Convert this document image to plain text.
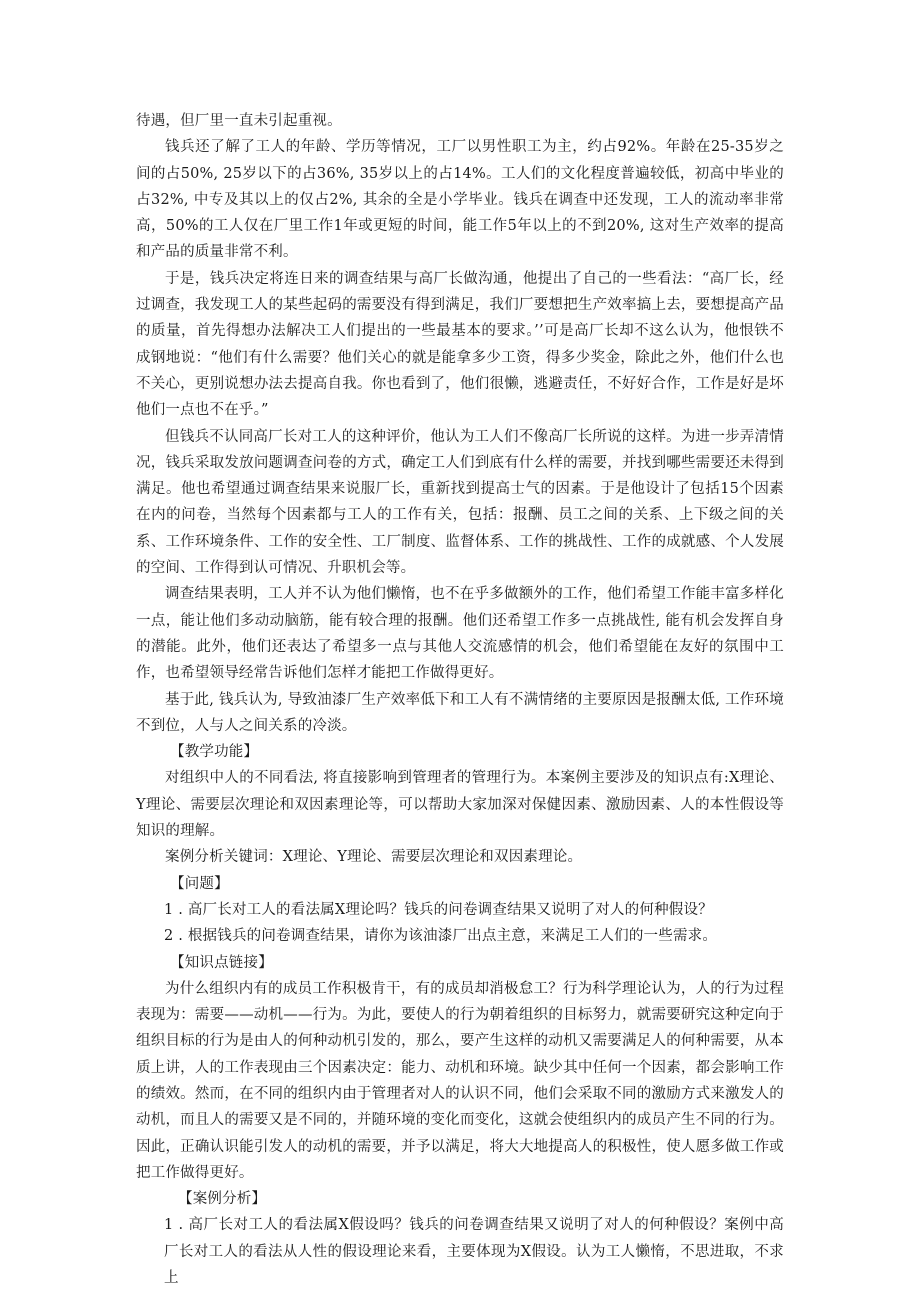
待遇，但厂里一直未引起重视。

钱兵还了解了工人的年龄、学历等情况，工厂以男性职工为主，约占92%。年龄在25-35岁之间的占50%, 25岁以下的占36%, 35岁以上的占14%。工人们的文化程度普遍较低，初高中毕业的占32%, 中专及其以上的仅占2%, 其余的全是小学毕业。钱兵在调查中还发现，工人的流动率非常高，50%的工人仅在厂里工作1年或更短的时间，能工作5年以上的不到20%, 这对生产效率的提高和产品的质量非常不利。

于是，钱兵决定将连日来的调查结果与高厂长做沟通，他提出了自己的一些看法：“高厂长，经过调查，我发现工人的某些起码的需要没有得到满足，我们厂要想把生产效率搞上去，要想提高产品的质量，首先得想办法解决工人们提出的一些最基本的要求。’’可是高厂长却不这么认为，他恨铁不成钢地说：“他们有什么需要？他们关心的就是能拿多少工资，得多少奖金，除此之外，他们什么也不关心，更别说想办法去提高自我。你也看到了，他们很懒，逃避责任，不好好合作，工作是好是坏他们一点也不在乎。”

但钱兵不认同高厂长对工人的这种评价，他认为工人们不像高厂长所说的这样。为进一步弄清情况，钱兵采取发放问题调查问卷的方式，确定工人们到底有什么样的需要，并找到哪些需要还未得到满足。他也希望通过调查结果来说服厂长，重新找到提高士气的因素。于是他设计了包括15个因素在内的问卷，当然每个因素都与工人的工作有关，包括：报酬、员工之间的关系、上下级之间的关系、工作环境条件、工作的安全性、工厂制度、监督体系、工作的挑战性、工作的成就感、个人发展的空间、工作得到认可情况、升职机会等。

调查结果表明，工人并不认为他们懒惰，也不在乎多做额外的工作，他们希望工作能丰富多样化一点，能让他们多动动脑筋，能有较合理的报酬。他们还希望工作多一点挑战性, 能有机会发挥自身的潜能。此外，他们还表达了希望多一点与其他人交流感情的机会，他们希望能在友好的氛围中工作，也希望领导经常告诉他们怎样才能把工作做得更好。

基于此, 钱兵认为, 导致油漆厂生产效率低下和工人有不满情绪的主要原因是报酬太低, 工作环境不到位，人与人之间关系的冷淡。

【教学功能】

对组织中人的不同看法, 将直接影响到管理者的管理行为。本案例主要涉及的知识点有:X理论、Y理论、需要层次理论和双因素理论等，可以帮助大家加深对保健因素、激励因素、人的本性假设等知识的理解。

案例分析关键词：X理论、Y理论、需要层次理论和双因素理论。

【问题】

1 . 高厂长对工人的看法属X理论吗？钱兵的问卷调查结果又说明了对人的何种假设？

2 . 根据钱兵的问卷调查结果，请你为该油漆厂出点主意，来满足工人们的一些需求。

【知识点链接】

为什么组织内有的成员工作积极肯干，有的成员却消极怠工？行为科学理论认为，人的行为过程表现为：需要——动机——行为。为此，要使人的行为朝着组织的目标努力，就需要研究这种定向于组织目标的行为是由人的何种动机引发的，那么，要产生这样的动机又需要满足人的何种需要，从本质上讲，人的工作表现由三个因素决定：能力、动机和环境。缺少其中任何一个因素，都会影响工作的绩效。然而，在不同的组织内由于管理者对人的认识不同，他们会采取不同的激励方式来激发人的动机，而且人的需要又是不同的，并随环境的变化而变化，这就会使组织内的成员产生不同的行为。因此，正确认识能引发人的动机的需要，并予以满足，将大大地提高人的积极性，使人愿多做工作或把工作做得更好。

【案例分析】

1 . 高厂长对工人的看法属X假设吗？钱兵的问卷调查结果又说明了对人的何种假设？案例中高厂长对工人的看法从人性的假设理论来看，主要体现为X假设。认为工人懒惰，不思进取，不求上
